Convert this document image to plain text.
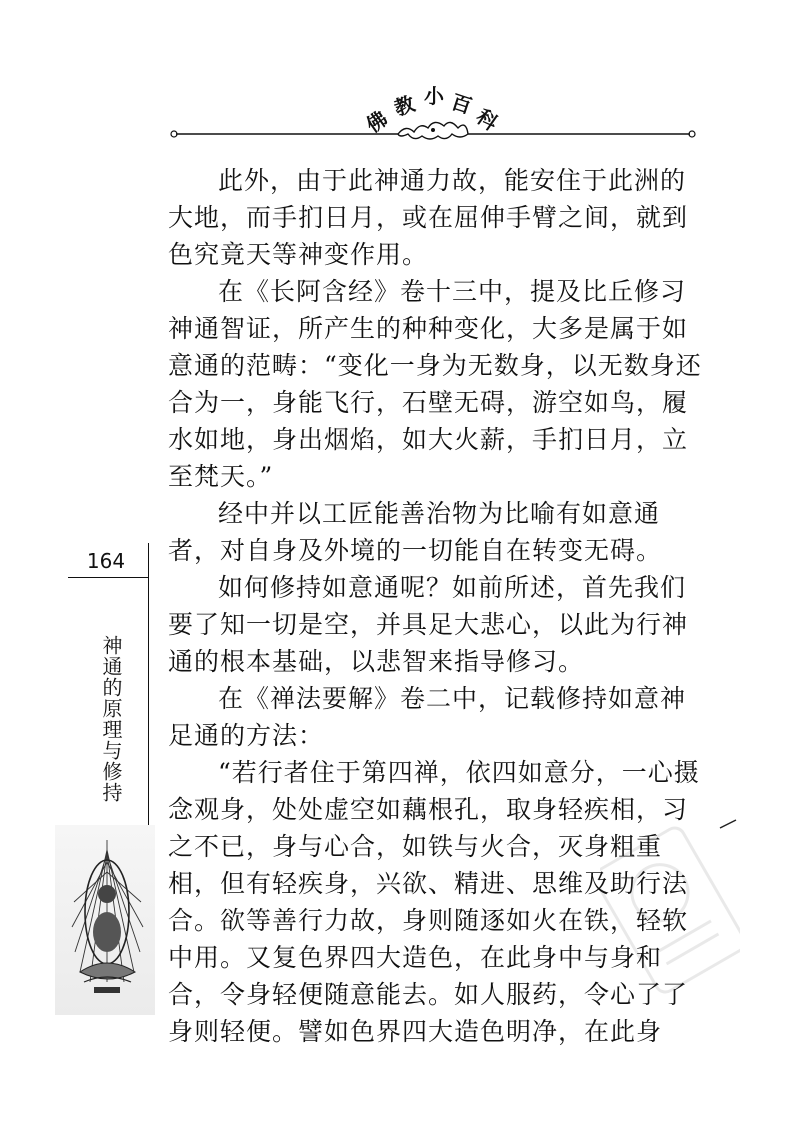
佛
教 小 百
科

此外，由于此神通力故，能安住于此洲的大地，而手扪日月，或在屈伸手臂之间，就到色究竟天等神变作用。

在《长阿含经》卷十三中，提及比丘修习神通智证，所产生的种种变化，大多是属于如意通的范畴：“变化一身为无数身，以无数身还合为一，身能飞行，石壁无碍，游空如鸟，履水如地，身出烟焰，如大火薪，手扪日月，立至梵天。”

经中并以工匠能善治物为比喻有如意通者，对自身及外境的一切能自在转变无碍。

如何修持如意通呢？如前所述，首先我们要了知一切是空，并具足大悲心，以此为行神通的根本基础，以悲智来指导修习。

在《禅法要解》卷二中，记载修持如意神足通的方法：

“若行者住于第四禅，依四如意分，一心摄念观身，处处虚空如藕根孔，取身轻疾相，习之不已，身与心合，如铁与火合，灭身粗重相，但有轻疾身，兴欲、精进、思维及助行法合。欲等善行力故，身则随逐如火在铁，轻软中用。又复色界四大造色，在此身中与身和合，令身轻便随意能去。如人服药，令心了了身则轻便。譬如色界四大造色明净，在此身

164
神通的原理与修持
